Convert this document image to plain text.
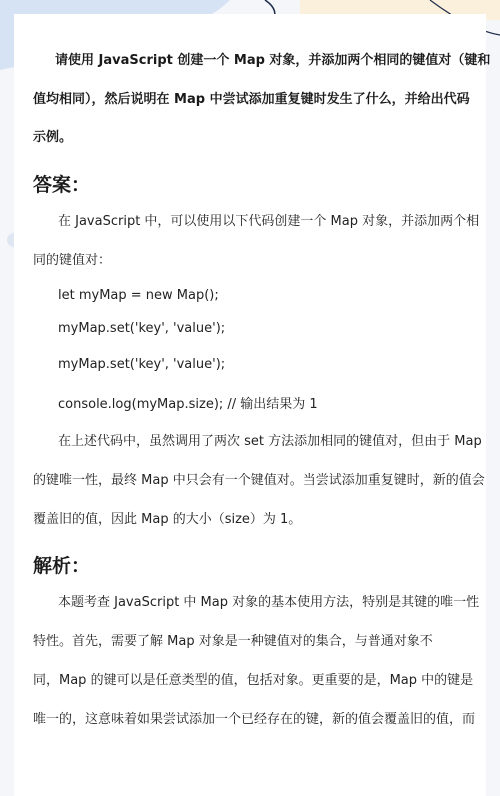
请使用 JavaScript 创建一个 Map 对象，并添加两个相同的键值对（键和
值均相同），然后说明在 Map 中尝试添加重复键时发生了什么，并给出代码
示例。
答案：
在 JavaScript 中，可以使用以下代码创建一个 Map 对象，并添加两个相
同的键值对：
let myMap = new Map();
myMap.set('key', 'value');
myMap.set('key', 'value');
console.log(myMap.size); // 输出结果为 1
在上述代码中，虽然调用了两次 set 方法添加相同的键值对，但由于 Map
的键唯一性，最终 Map 中只会有一个键值对。当尝试添加重复键时，新的值会
覆盖旧的值，因此 Map 的大小（size）为 1。
解析：
本题考查 JavaScript 中 Map 对象的基本使用方法，特别是其键的唯一性
特性。首先，需要了解 Map 对象是一种键值对的集合，与普通对象不
同，Map 的键可以是任意类型的值，包括对象。更重要的是，Map 中的键是
唯一的，这意味着如果尝试添加一个已经存在的键，新的值会覆盖旧的值，而
